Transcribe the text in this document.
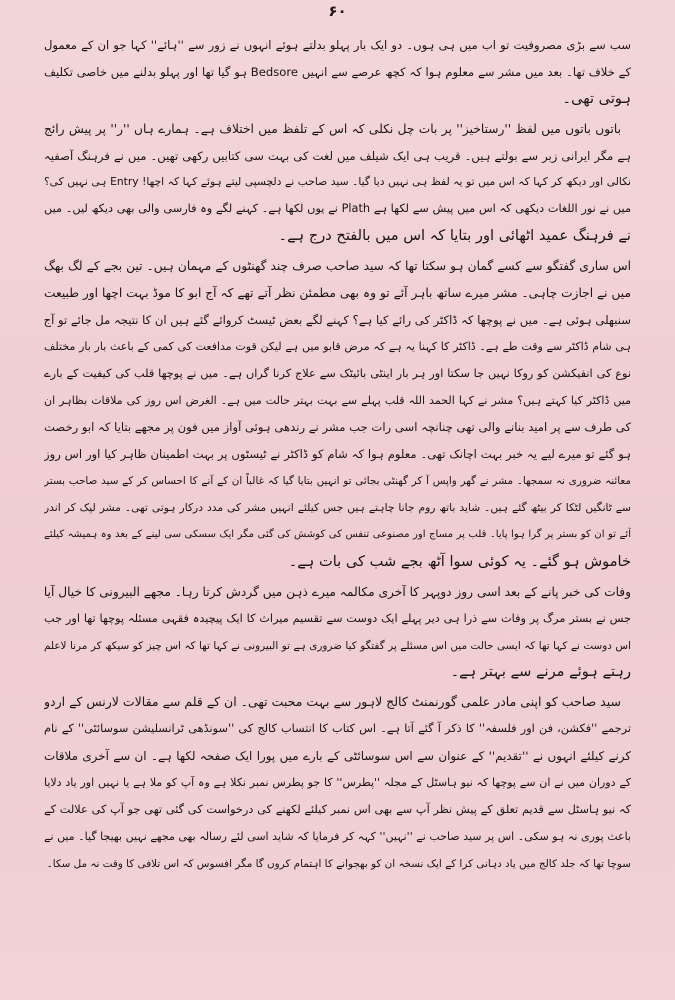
۶۰
سب سے بڑی مصروفیت تو اب میں ہی ہوں۔ دو ایک بار پہلو بدلتے ہوئے انہوں نے زور سے ''ہائے'' کہا جو ان کے معمول
کے خلاف تھا۔ بعد میں مشر سے معلوم ہوا کہ کچھ عرصے سے انہیں Bedsore ہو گیا تھا اور پہلو بدلنے میں خاصی تکلیف
ہوتی تھی۔
باتوں باتوں میں لفظ ''رستاخیز'' پر بات چل نکلی کہ اس کے تلفظ میں اختلاف ہے۔ ہمارے ہاں ''ر'' پر پیش رائج
ہے مگر ایرانی زبر سے بولتے ہیں۔ قریب ہی ایک شیلف میں لغت کی بہت سی کتابیں رکھی تھیں۔ میں نے فرہنگ آصفیہ
نکالی اور دیکھ کر کہا کہ اس میں تو یہ لفظ ہی نہیں دیا گیا۔ سید صاحب نے دلچسپی لیتے ہوئے کہا کہ اچھا! Entry ہی نہیں کی؟
میں نے نور اللغات دیکھی کہ اس میں پیش سے لکھا ہے Plath نے یوں لکھا ہے۔ کہنے لگے وہ فارسی والی بھی دیکھ لیں۔ میں
نے فرہنگ عمید اٹھائی اور بتایا کہ اس میں بالفتح درج ہے۔
اس ساری گفتگو سے کسے گمان ہو سکتا تھا کہ سید صاحب صرف چند گھنٹوں کے مہمان ہیں۔ تین بجے کے لگ بھگ
میں نے اجازت چاہی۔ مشر میرے ساتھ باہر آئے تو وہ بھی مطمئن نظر آتے تھے کہ آج ابو کا موڈ بہت اچھا اور طبیعت
سنبھلی ہوئی ہے۔ میں نے پوچھا کہ ڈاکٹر کی رائے کیا ہے؟ کہنے لگے بعض ٹیسٹ کروائے گئے ہیں ان کا نتیجہ مل جائے تو آج
ہی شام ڈاکٹر سے وقت طے ہے۔ ڈاکٹر کا کہنا یہ ہے کہ مرض قابو میں ہے لیکن قوت مدافعت کی کمی کے باعث بار بار مختلف
نوع کی انفیکشن کو روکا نہیں جا سکتا اور ہر بار اینٹی بائیٹک سے علاج کرنا گراں ہے۔ میں نے پوچھا قلب کی کیفیت کے بارے
میں ڈاکٹر کیا کہتے ہیں؟ مشر نے کہا الحمد اللہ قلب پہلے سے بہت بہتر حالت میں ہے۔ الغرض اس روز کی ملاقات بظاہر ان
کی طرف سے پر امید بنانے والی تھی چنانچہ اسی رات جب مشر نے رندھی ہوئی آواز میں فون پر مجھے بتایا کہ ابو رخصت
ہو گئے تو میرے لیے یہ خبر بہت اچانک تھی۔ معلوم ہوا کہ شام کو ڈاکٹر نے ٹیسٹوں پر بہت اطمینان ظاہر کیا اور اس روز
معائنہ ضروری نہ سمجھا۔ مشر نے گھر واپس آ کر گھنٹی بجائی تو انہیں بتایا گیا کہ غالباً ان کے آنے کا احساس کر کے سید صاحب بستر
سے ٹانگیں لٹکا کر بیٹھ گئے ہیں۔ شاید باتھ روم جانا چاہتے ہیں جس کیلئے انہیں مشر کی مدد درکار ہوتی تھی۔ مشر لپک کر اندر
آئے تو ان کو بستر پر گرا ہوا پایا۔ قلب پر مساج اور مصنوعی تنفس کی کوشش کی گئی مگر ایک سسکی سی لینے کے بعد وہ ہمیشہ کیلئے
خاموش ہو گئے۔ یہ کوئی سوا آٹھ بجے شب کی بات ہے۔
وفات کی خبر پانے کے بعد اسی روز دوپہر کا آخری مکالمہ میرے ذہن میں گردش کرتا رہا۔ مجھے البیرونی کا خیال آیا
جس نے بستر مرگ پر وفات سے ذرا ہی دیر پہلے ایک دوست سے تقسیم میراث کا ایک پیچیدہ فقہی مسئلہ پوچھا تھا اور جب
اس دوست نے کہا تھا کہ ایسی حالت میں اس مسئلے پر گفتگو کیا ضروری ہے تو البیرونی نے کہا تھا کہ اس چیز کو سیکھ کر مرنا لاعلم
رہتے ہوئے مرنے سے بہتر ہے۔
سید صاحب کو اپنی مادر علمی گورنمنٹ کالج لاہور سے بہت محبت تھی۔ ان کے قلم سے مقالات لارنس کے اردو
ترجمے ''فکشن، فن اور فلسفہ'' کا ذکر آ گئے آتا ہے۔ اس کتاب کا انتساب کالج کی ''سونڈھی ٹرانسلیشن سوسائٹی'' کے نام
کرنے کیلئے انہوں نے ''تقدیم'' کے عنوان سے اس سوسائٹی کے بارے میں پورا ایک صفحہ لکھا ہے۔ ان سے آخری ملاقات
کے دوران میں نے ان سے پوچھا کہ نیو ہاسٹل کے مجلہ ''پطرس'' کا جو پطرس نمبر نکلا ہے وہ آپ کو ملا ہے یا نہیں اور یاد دلایا
کہ نیو ہاسٹل سے قدیم تعلق کے پیش نظر آپ سے بھی اس نمبر کیلئے لکھنے کی درخواست کی گئی تھی جو آپ کی علالت کے
باعث پوری نہ ہو سکی۔ اس پر سید صاحب نے ''نہیں'' کہہ کر فرمایا کہ شاید اسی لئے رسالہ بھی مجھے نہیں بھیجا گیا۔ میں نے
سوچا تھا کہ جلد کالج میں یاد دہانی کرا کے ایک نسخہ ان کو بھجوانے کا اہتمام کروں گا مگر افسوس کہ اس تلافی کا وقت نہ مل سکا۔
